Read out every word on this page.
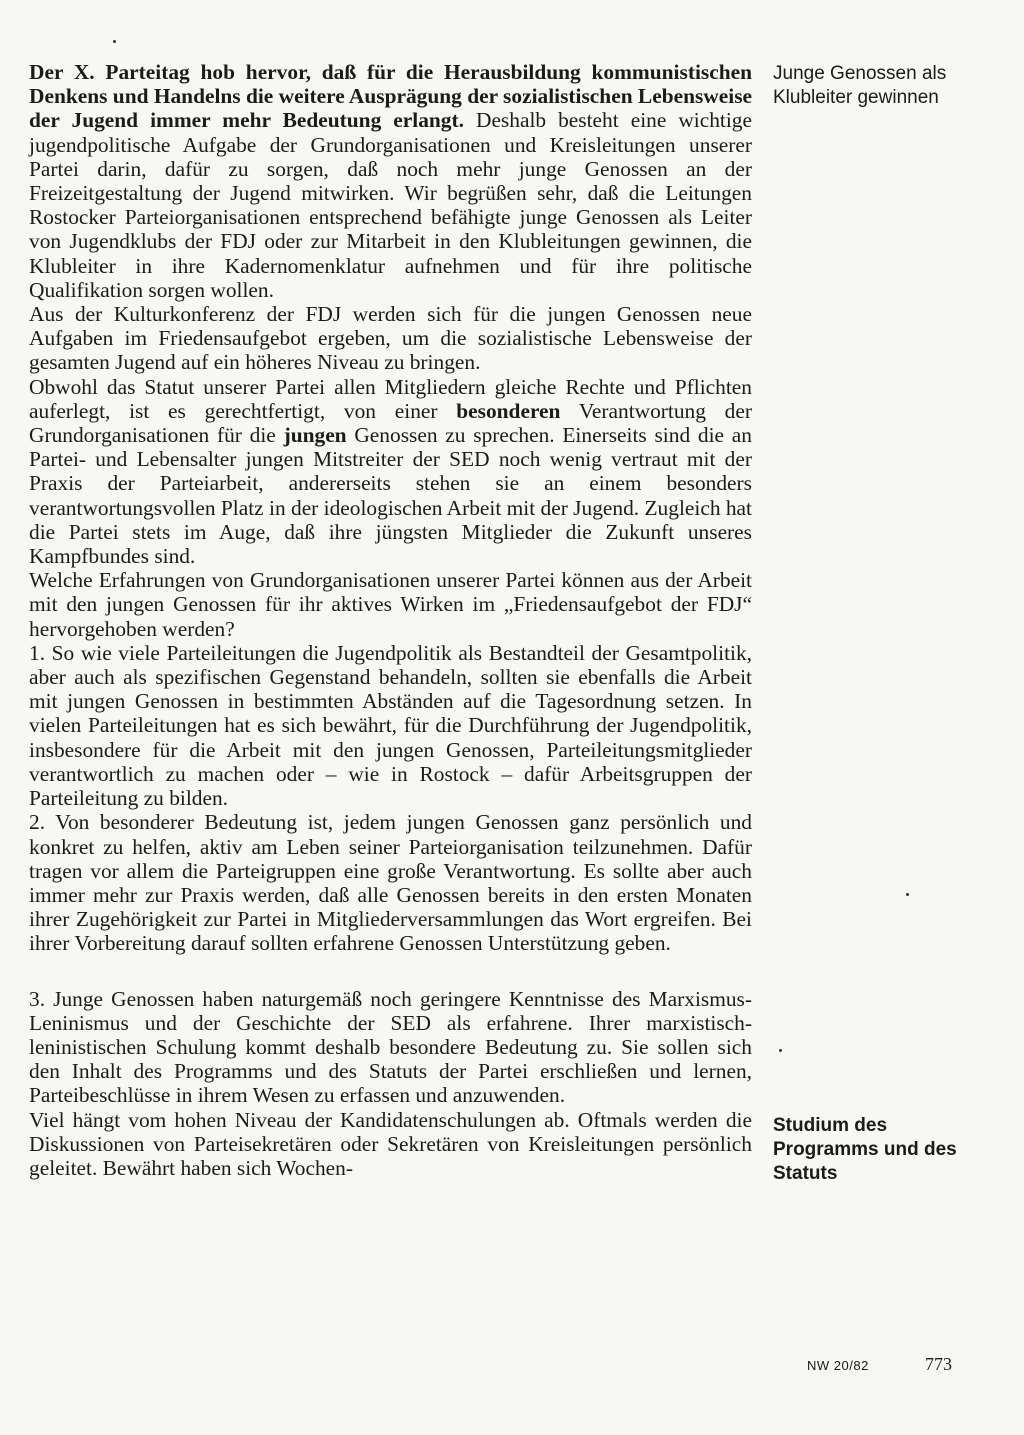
Der X. Parteitag hob hervor, daß für die Herausbildung kommunistischen Denkens und Handelns die weitere Ausprägung der sozialistischen Lebensweise der Jugend immer mehr Bedeutung erlangt. Deshalb besteht eine wichtige jugendpolitische Aufgabe der Grundorganisationen und Kreisleitungen unserer Partei darin, dafür zu sorgen, daß noch mehr junge Genossen an der Freizeitgestaltung der Jugend mitwirken. Wir begrüßen sehr, daß die Leitungen Rostocker Parteiorganisationen entsprechend befähigte junge Genossen als Leiter von Jugendklubs der FDJ oder zur Mitarbeit in den Klubleitungen gewinnen, die Klubleiter in ihre Kadernomenklatur aufnehmen und für ihre politische Qualifikation sorgen wollen.

Aus der Kulturkonferenz der FDJ werden sich für die jungen Genossen neue Aufgaben im Friedensaufgebot ergeben, um die sozialistische Lebensweise der gesamten Jugend auf ein höheres Niveau zu bringen.

Obwohl das Statut unserer Partei allen Mitgliedern gleiche Rechte und Pflichten auferlegt, ist es gerechtfertigt, von einer besonderen Verantwortung der Grundorganisationen für die jungen Genossen zu sprechen. Einerseits sind die an Partei- und Lebensalter jungen Mitstreiter der SED noch wenig vertraut mit der Praxis der Parteiarbeit, andererseits stehen sie an einem besonders verantwortungsvollen Platz in der ideologischen Arbeit mit der Jugend. Zugleich hat die Partei stets im Auge, daß ihre jüngsten Mitglieder die Zukunft unseres Kampfbundes sind.

Welche Erfahrungen von Grundorganisationen unserer Partei können aus der Arbeit mit den jungen Genossen für ihr aktives Wirken im „Friedensaufgebot der FDJ“ hervorgehoben werden?

1. So wie viele Parteileitungen die Jugendpolitik als Bestandteil der Gesamtpolitik, aber auch als spezifischen Gegenstand behandeln, sollten sie ebenfalls die Arbeit mit jungen Genossen in bestimmten Abständen auf die Tagesordnung setzen. In vielen Parteileitungen hat es sich bewährt, für die Durchführung der Jugendpolitik, insbesondere für die Arbeit mit den jungen Genossen, Parteileitungsmitglieder verantwortlich zu machen oder – wie in Rostock – dafür Arbeitsgruppen der Parteileitung zu bilden.

2. Von besonderer Bedeutung ist, jedem jungen Genossen ganz persönlich und konkret zu helfen, aktiv am Leben seiner Parteiorganisation teilzunehmen. Dafür tragen vor allem die Parteigruppen eine große Verantwortung. Es sollte aber auch immer mehr zur Praxis werden, daß alle Genossen bereits in den ersten Monaten ihrer Zugehörigkeit zur Partei in Mitgliederversammlungen das Wort ergreifen. Bei ihrer Vorbereitung darauf sollten erfahrene Genossen Unterstützung geben.

3. Junge Genossen haben naturgemäß noch geringere Kenntnisse des Marxismus-Leninismus und der Geschichte der SED als erfahrene. Ihrer marxistisch-leninistischen Schulung kommt deshalb besondere Bedeutung zu. Sie sollen sich den Inhalt des Programms und des Statuts der Partei erschließen und lernen, Parteibeschlüsse in ihrem Wesen zu erfassen und anzuwenden.

Viel hängt vom hohen Niveau der Kandidatenschulungen ab. Oftmals werden die Diskussionen von Parteisekretären oder Sekretären von Kreisleitungen persönlich geleitet. Bewährt haben sich Wochen-

Junge Genossen als Klubleiter gewinnen
Studium des Programms und des Statuts
NW 20/82	773
